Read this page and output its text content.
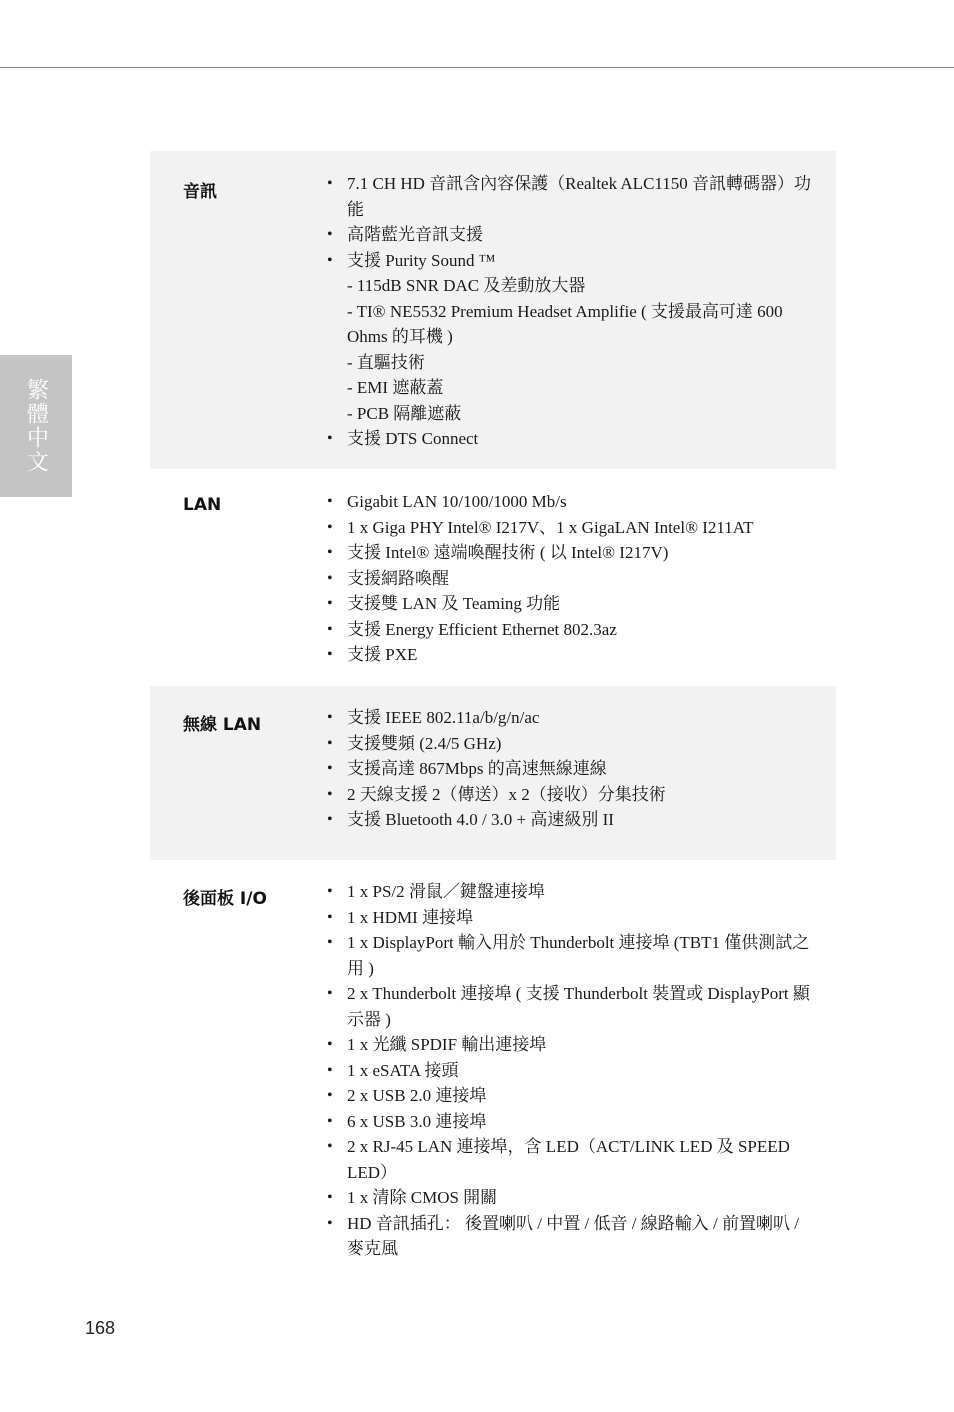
繁體中文
音訊	• 7.1 CH HD 音訊含內容保護（Realtek ALC1150 音訊轉碼器）功能
• 高階藍光音訊支援
• 支援 Purity Sound ™
- 115dB SNR DAC 及差動放大器
- TI® NE5532 Premium Headset Amplifie ( 支援最高可達 600 Ohms 的耳機 )
- 直驅技術
- EMI 遮蔽蓋
- PCB 隔離遮蔽
• 支援 DTS Connect
LAN	• Gigabit LAN 10/100/1000 Mb/s
• 1 x Giga PHY Intel® I217V、1 x GigaLAN Intel® I211AT
• 支援 Intel® 遠端喚醒技術 ( 以 Intel® I217V)
• 支援網路喚醒
• 支援雙 LAN 及 Teaming 功能
• 支援 Energy Efficient Ethernet 802.3az
• 支援 PXE
無線 LAN	• 支援 IEEE 802.11a/b/g/n/ac
• 支援雙頻 (2.4/5 GHz)
• 支援高達 867Mbps 的高速無線連線
• 2 天線支援 2（傳送）x 2（接收）分集技術
• 支援 Bluetooth 4.0 / 3.0 + 高速級別 II
後面板 I/O	• 1 x PS/2 滑鼠／鍵盤連接埠
• 1 x HDMI 連接埠
• 1 x DisplayPort 輸入用於 Thunderbolt 連接埠 (TBT1 僅供測試之用 )
• 2 x Thunderbolt 連接埠 ( 支援 Thunderbolt 裝置或 DisplayPort 顯示器 )
• 1 x 光纖 SPDIF 輸出連接埠
• 1 x eSATA 接頭
• 2 x USB 2.0 連接埠
• 6 x USB 3.0 連接埠
• 2 x RJ-45 LAN 連接埠，含 LED（ACT/LINK LED 及 SPEED LED）
• 1 x 清除 CMOS 開關
• HD 音訊插孔： 後置喇叭 / 中置 / 低音 / 線路輸入 / 前置喇叭 / 麥克風
168
